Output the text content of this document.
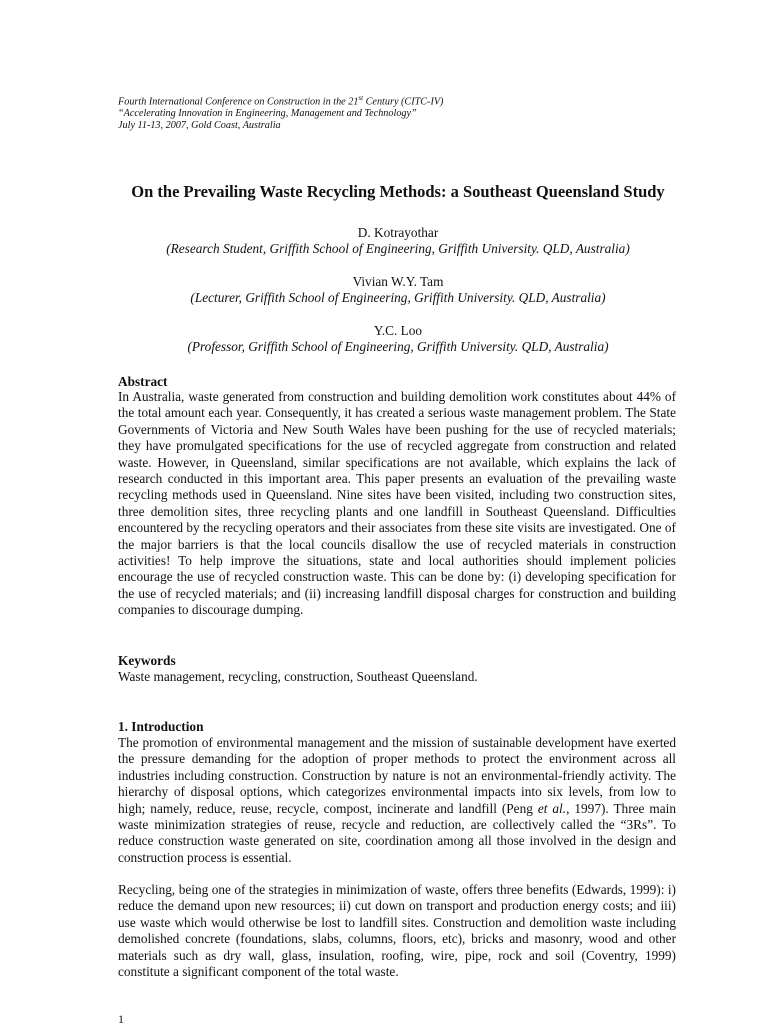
Fourth International Conference on Construction in the 21st Century (CITC-IV)
“Accelerating Innovation in Engineering, Management and Technology”
July 11-13, 2007, Gold Coast, Australia
On the Prevailing Waste Recycling Methods: a Southeast Queensland Study
D. Kotrayothar
(Research Student, Griffith School of Engineering, Griffith University. QLD, Australia)
Vivian W.Y. Tam
(Lecturer, Griffith School of Engineering, Griffith University. QLD, Australia)
Y.C. Loo
(Professor, Griffith School of Engineering, Griffith University. QLD, Australia)
Abstract

In Australia, waste generated from construction and building demolition work constitutes about 44% of the total amount each year. Consequently, it has created a serious waste management problem. The State Governments of Victoria and New South Wales have been pushing for the use of recycled materials; they have promulgated specifications for the use of recycled aggregate from construction and related waste. However, in Queensland, similar specifications are not available, which explains the lack of research conducted in this important area. This paper presents an evaluation of the prevailing waste recycling methods used in Queensland. Nine sites have been visited, including two construction sites, three demolition sites, three recycling plants and one landfill in Southeast Queensland. Difficulties encountered by the recycling operators and their associates from these site visits are investigated. One of the major barriers is that the local councils disallow the use of recycled materials in construction activities! To help improve the situations, state and local authorities should implement policies encourage the use of recycled construction waste. This can be done by: (i) developing specification for the use of recycled materials; and (ii) increasing landfill disposal charges for construction and building companies to discourage dumping.

Keywords

Waste management, recycling, construction, Southeast Queensland.

1. Introduction

The promotion of environmental management and the mission of sustainable development have exerted the pressure demanding for the adoption of proper methods to protect the environment across all industries including construction. Construction by nature is not an environmental-friendly activity. The hierarchy of disposal options, which categorizes environmental impacts into six levels, from low to high; namely, reduce, reuse, recycle, compost, incinerate and landfill (Peng et al., 1997). Three main waste minimization strategies of reuse, recycle and reduction, are collectively called the “3Rs”. To reduce construction waste generated on site, coordination among all those involved in the design and construction process is essential.

Recycling, being one of the strategies in minimization of waste, offers three benefits (Edwards, 1999): i) reduce the demand upon new resources; ii) cut down on transport and production energy costs; and iii) use waste which would otherwise be lost to landfill sites. Construction and demolition waste including demolished concrete (foundations, slabs, columns, floors, etc), bricks and masonry, wood and other materials such as dry wall, glass, insulation, roofing, wire, pipe, rock and soil (Coventry, 1999) constitute a significant component of the total waste.

1
